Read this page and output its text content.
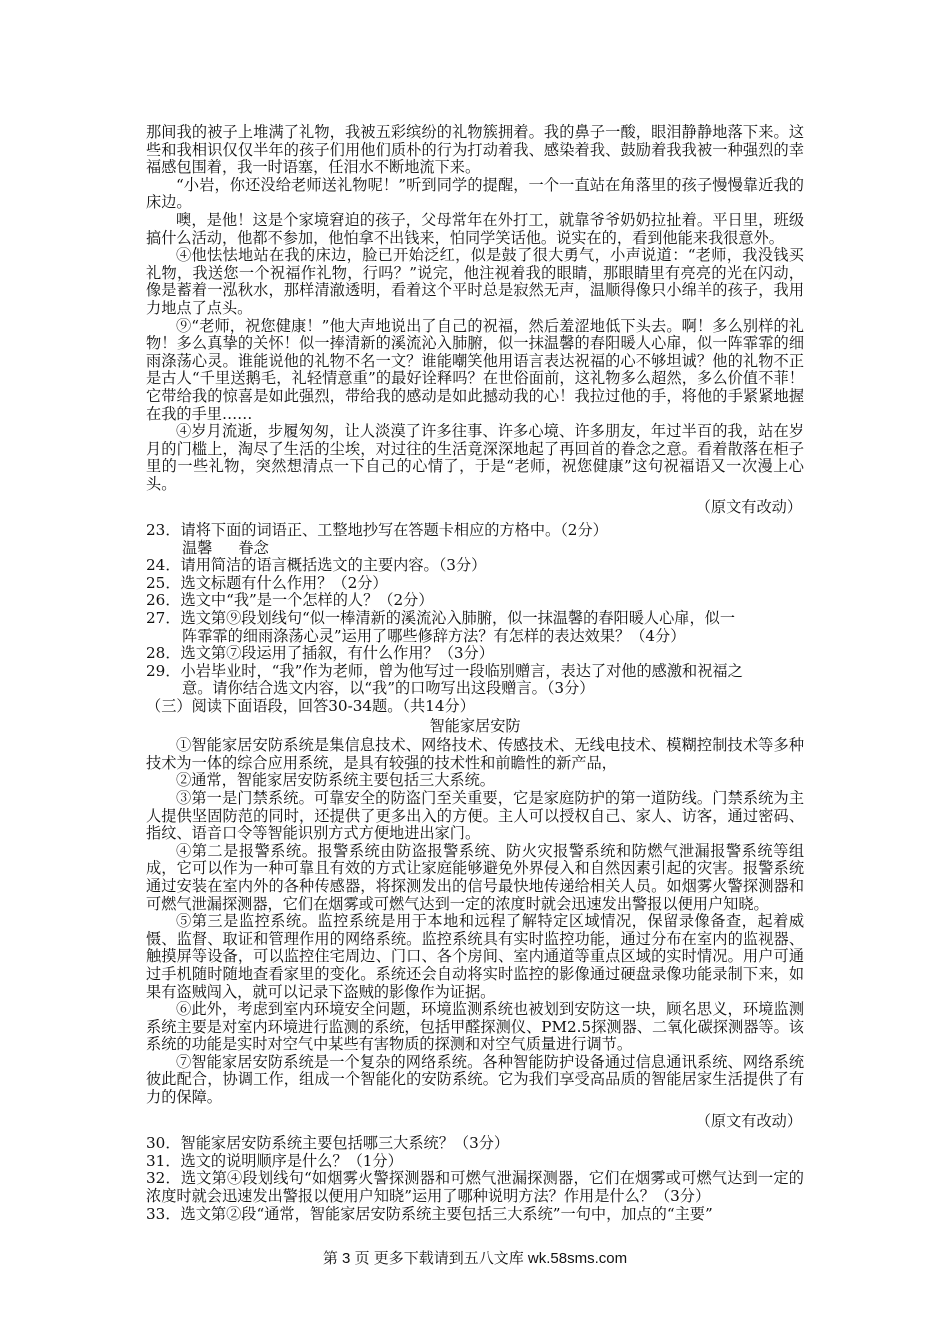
那间我的被子上堆满了礼物，我被五彩缤纷的礼物簇拥着。我的鼻子一酸，眼泪静静地落下来。这些和我相识仅仅半年的孩子们用他们质朴的行为打动着我、感染着我、鼓励着我我被一种强烈的幸福感包围着，我一时语塞，任泪水不断地流下来。

“小岩，你还没给老师送礼物呢！”听到同学的提醒，一个一直站在角落里的孩子慢慢靠近我的床边。

噢，是他！这是个家境窘迫的孩子，父母常年在外打工，就靠爷爷奶奶拉扯着。平日里，班级搞什么活动，他都不参加，他怕拿不出钱来，怕同学笑话他。说实在的，看到他能来我很意外。

④他怯怯地站在我的床边，脸已开始泛红，似是鼓了很大勇气，小声说道：“老师，我没钱买礼物，我送您一个祝福作礼物，行吗？”说完，他注视着我的眼睛，那眼睛里有亮亮的光在闪动，像是蓄着一泓秋水，那样清澈透明，看着这个平时总是寂然无声，温顺得像只小绵羊的孩子，我用力地点了点头。

⑨“老师，祝您健康！”他大声地说出了自己的祝福，然后羞涩地低下头去。啊！多么别样的礼物！多么真挚的关怀！似一捧清新的溪流沁入肺腑，似一抹温馨的春阳暖人心扉，似一阵霏霏的细雨涤荡心灵。谁能说他的礼物不名一文？谁能嘲笑他用语言表达祝福的心不够坦诚？他的礼物不正是古人“千里送鹅毛，礼轻情意重”的最好诠释吗？在世俗面前，这礼物多么超然，多么价值不菲！它带给我的惊喜是如此强烈，带给我的感动是如此撼动我的心！我拉过他的手，将他的手紧紧地握在我的手里……

④岁月流逝，步履匆匆，让人淡漠了许多往事、许多心境、许多朋友，年过半百的我，站在岁月的门槛上，淘尽了生活的尘埃，对过往的生活竟深深地起了再回首的眷念之意。看着散落在柜子里的一些礼物，突然想清点一下自己的心情了，于是“老师，祝您健康”这句祝福语又一次漫上心头。

（原文有改动）

23．请将下面的词语正、工整地抄写在答题卡相应的方格中。（2分）

温馨 眷念

24．请用简洁的语言概括选文的主要内容。（3分）

25．选文标题有什么作用？（2分）

26．选文中“我”是一个怎样的人？（2分）

27．选文第⑨段划线句“似一棒清新的溪流沁入肺腑，似一抹温馨的春阳暖人心扉，似一

阵霏霏的细雨涤荡心灵”运用了哪些修辞方法？有怎样的表达效果？（4分）

28．选文第⑦段运用了插叙，有什么作用？（3分）

29．小岩毕业时，“我”作为老师，曾为他写过一段临别赠言，表达了对他的感激和祝福之

意。请你结合选文内容，以“我”的口吻写出这段赠言。（3分）

（三）阅读下面语段，回答30-34题。（共14分）

智能家居安防

①智能家居安防系统是集信息技术、网络技术、传感技术、无线电技术、模糊控制技术等多种技术为一体的综合应用系统，是具有较强的技术性和前瞻性的新产品，

②通常，智能家居安防系统主要包括三大系统。

③第一是门禁系统。可靠安全的防盗门至关重要，它是家庭防护的第一道防线。门禁系统为主人提供坚固防范的同时，还提供了更多出入的方便。主人可以授权自己、家人、访客，通过密码、指纹、语音口令等智能识别方式方便地进出家门。

④第二是报警系统。报警系统由防盗报警系统、防火灾报警系统和防燃气泄漏报警系统等组成，它可以作为一种可靠且有效的方式让家庭能够避免外界侵入和自然因素引起的灾害。报警系统通过安装在室内外的各种传感器，将探测发出的信号最快地传递给相关人员。如烟雾火警探测器和可燃气泄漏探测器，它们在烟雾或可燃气达到一定的浓度时就会迅速发出警报以便用户知晓。

⑤第三是监控系统。监控系统是用于本地和远程了解特定区域情况，保留录像备查，起着威慑、监督、取证和管理作用的网络系统。监控系统具有实时监控功能，通过分布在室内的监视器、触摸屏等设备，可以监控住宅周边、门口、各个房间、室内通道等重点区域的实时情况。用户可通过手机随时随地查看家里的变化。系统还会自动将实时监控的影像通过硬盘录像功能录制下来，如果有盗贼闯入，就可以记录下盗贼的影像作为证据。

⑥此外，考虑到室内环境安全问题，环境监测系统也被划到安防这一块，顾名思义，环境监测系统主要是对室内环境进行监测的系统，包括甲醛探测仪、PM2.5探测器、二氧化碳探测器等。该系统的功能是实时对空气中某些有害物质的探测和对空气质量进行调节。

⑦智能家居安防系统是一个复杂的网络系统。各种智能防护设备通过信息通讯系统、网络系统彼此配合，协调工作，组成一个智能化的安防系统。它为我们享受高品质的智能居家生活提供了有力的保障。

（原文有改动）

30．智能家居安防系统主要包括哪三大系统？（3分）

31．选文的说明顺序是什么？（1分）

32．选文第④段划线句“如烟雾火警探测器和可燃气泄漏探测器，它们在烟雾或可燃气达到一定的浓度时就会迅速发出警报以便用户知晓”运用了哪种说明方法？作用是什么？（3分）

33．选文第②段“通常，智能家居安防系统主要包括三大系统”一句中，加点的“主要”

第 3 页 更多下载请到五八文库 wk.58sms.com
